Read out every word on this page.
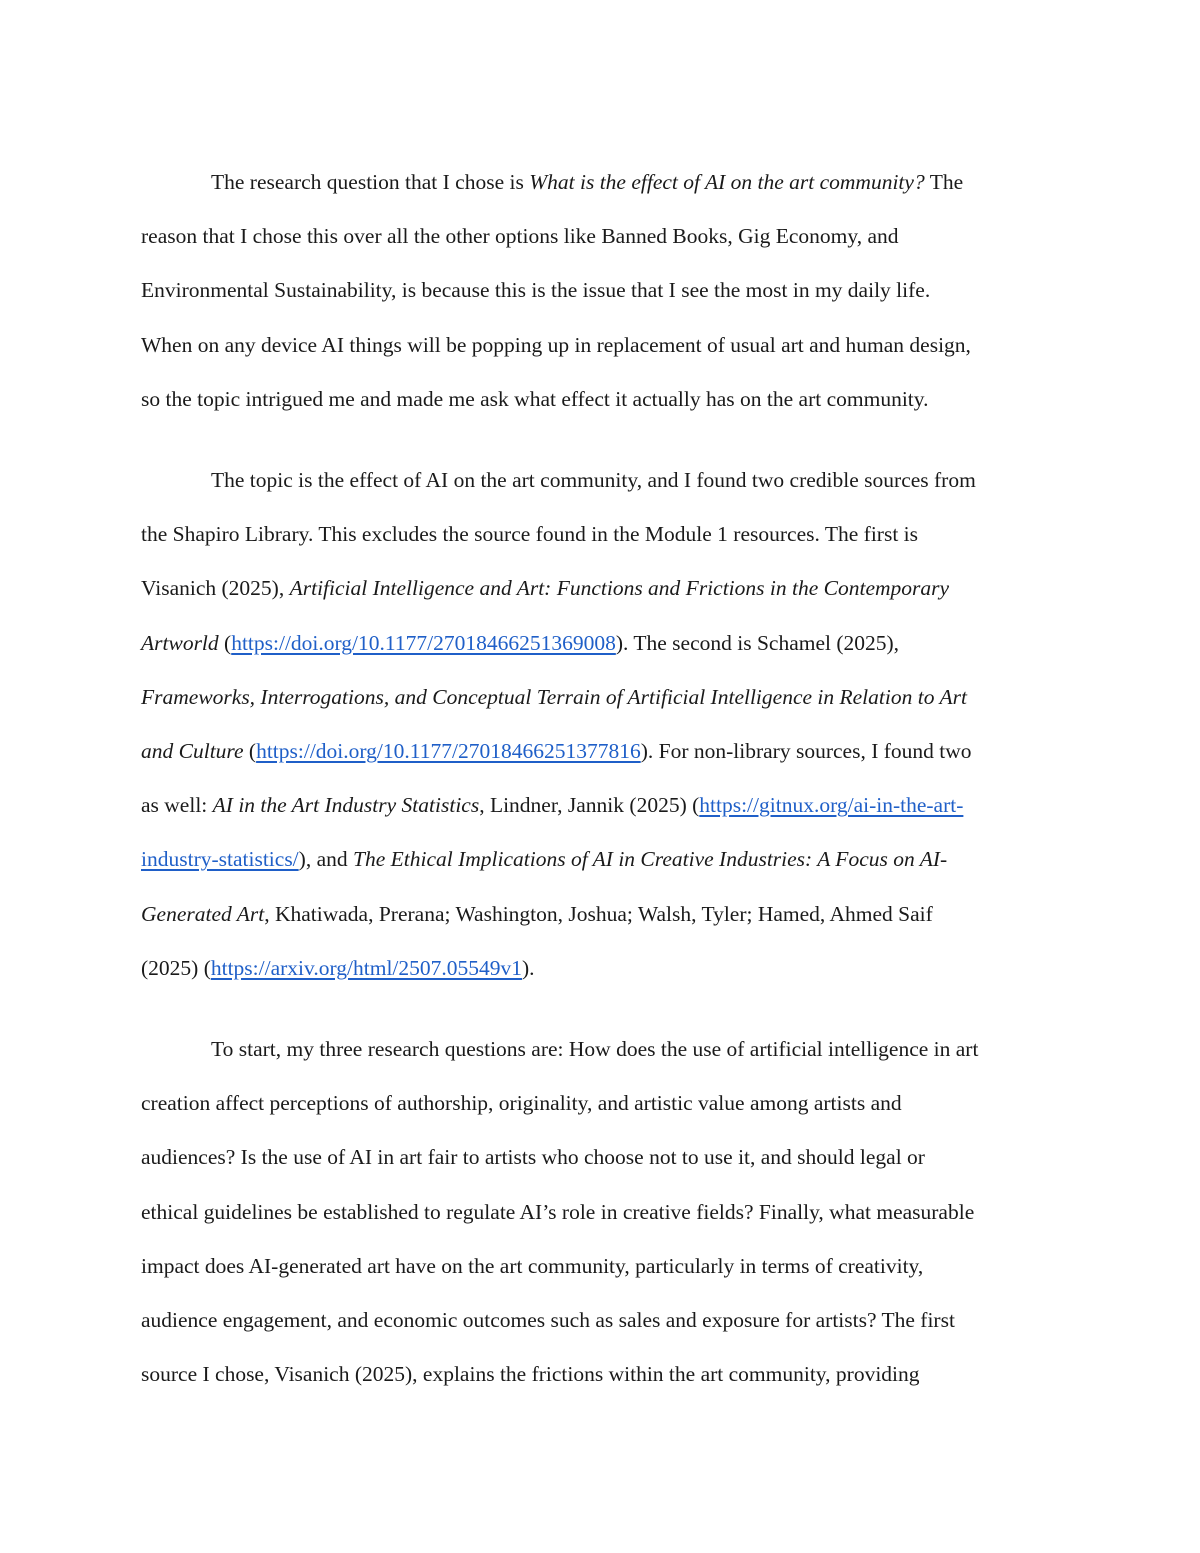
The research question that I chose is What is the effect of AI on the art community? The
reason that I chose this over all the other options like Banned Books, Gig Economy, and
Environmental Sustainability, is because this is the issue that I see the most in my daily life.
When on any device AI things will be popping up in replacement of usual art and human design,
so the topic intrigued me and made me ask what effect it actually has on the art community.

The topic is the effect of AI on the art community, and I found two credible sources from
the Shapiro Library. This excludes the source found in the Module 1 resources. The first is
Visanich (2025), Artificial Intelligence and Art: Functions and Frictions in the Contemporary
Artworld (https://doi.org/10.1177/27018466251369008). The second is Schamel (2025),
Frameworks, Interrogations, and Conceptual Terrain of Artificial Intelligence in Relation to Art
and Culture (https://doi.org/10.1177/27018466251377816). For non-library sources, I found two
as well: AI in the Art Industry Statistics, Lindner, Jannik (2025) (https://gitnux.org/ai-in-the-art-
industry-statistics/), and The Ethical Implications of AI in Creative Industries: A Focus on AI-
Generated Art, Khatiwada, Prerana; Washington, Joshua; Walsh, Tyler; Hamed, Ahmed Saif
(2025) (https://arxiv.org/html/2507.05549v1).

To start, my three research questions are: How does the use of artificial intelligence in art
creation affect perceptions of authorship, originality, and artistic value among artists and
audiences? Is the use of AI in art fair to artists who choose not to use it, and should legal or
ethical guidelines be established to regulate AI’s role in creative fields? Finally, what measurable
impact does AI-generated art have on the art community, particularly in terms of creativity,
audience engagement, and economic outcomes such as sales and exposure for artists? The first
source I chose, Visanich (2025), explains the frictions within the art community, providing
